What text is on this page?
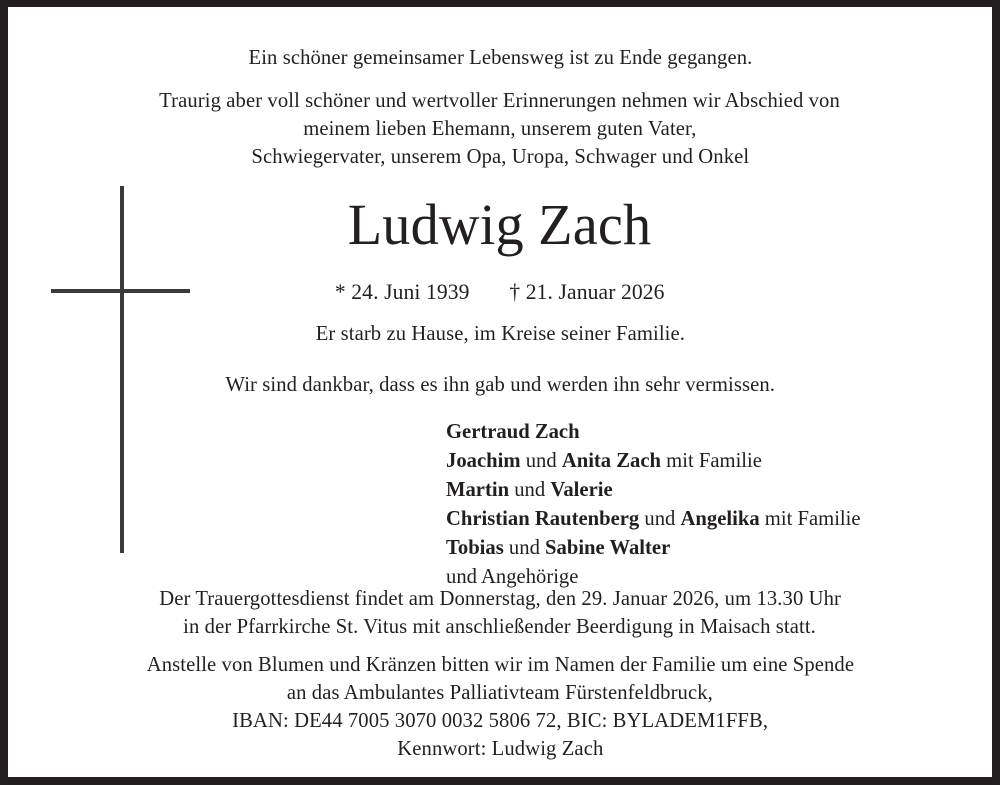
Ein schöner gemeinsamer Lebensweg ist zu Ende gegangen.
Traurig aber voll schöner und wertvoller Erinnerungen nehmen wir Abschied von
meinem lieben Ehemann, unserem guten Vater,
Schwiegervater, unserem Opa, Uropa, Schwager und Onkel
Ludwig Zach
* 24. Juni 1939 † 21. Januar 2026
Er starb zu Hause, im Kreise seiner Familie.
Wir sind dankbar, dass es ihn gab und werden ihn sehr vermissen.
Gertraud Zach
Joachim und Anita Zach mit Familie
Martin und Valerie
Christian Rautenberg und Angelika mit Familie
Tobias und Sabine Walter
und Angehörige
Der Trauergottesdienst findet am Donnerstag, den 29. Januar 2026, um 13.30 Uhr
in der Pfarrkirche St. Vitus mit anschließender Beerdigung in Maisach statt.
Anstelle von Blumen und Kränzen bitten wir im Namen der Familie um eine Spende
an das Ambulantes Palliativteam Fürstenfeldbruck,
IBAN: DE44 7005 3070 0032 5806 72, BIC: BYLADEM1FFB,
Kennwort: Ludwig Zach
